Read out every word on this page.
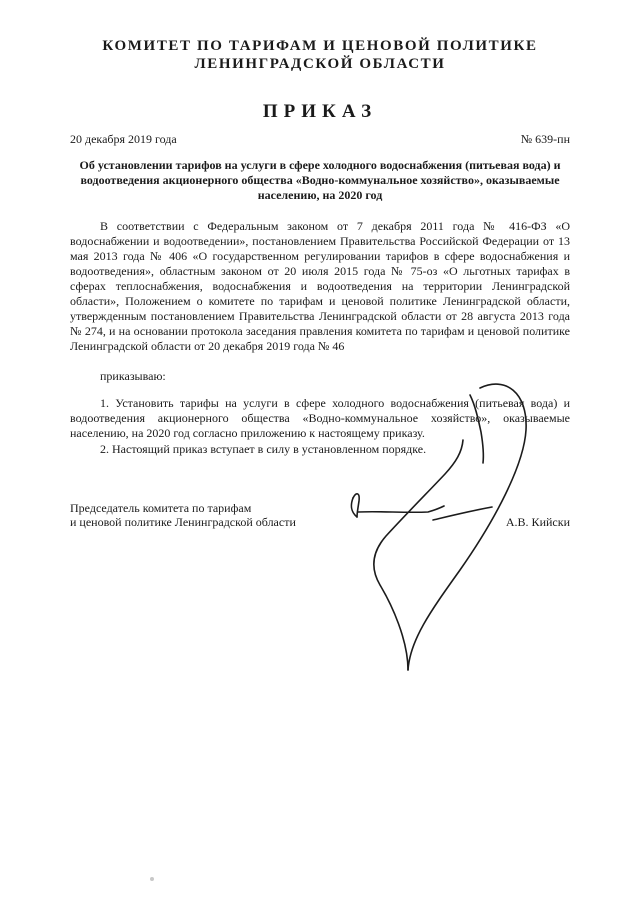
КОМИТЕТ ПО ТАРИФАМ И ЦЕНОВОЙ ПОЛИТИКЕ
ЛЕНИНГРАДСКОЙ ОБЛАСТИ
ПРИКАЗ
20 декабря 2019 года	№ 639-пн
Об установлении тарифов на услуги в сфере холодного водоснабжения (питьевая вода) и водоотведения акционерного общества «Водно-коммунальное хозяйство», оказываемые населению, на 2020 год
В соответствии с Федеральным законом от 7 декабря 2011 года № 416-ФЗ «О водоснабжении и водоотведении», постановлением Правительства Российской Федерации от 13 мая 2013 года № 406 «О государственном регулировании тарифов в сфере водоснабжения и водоотведения», областным законом от 20 июля 2015 года № 75-оз «О льготных тарифах в сферах теплоснабжения, водоснабжения и водоотведения на территории Ленинградской области», Положением о комитете по тарифам и ценовой политике Ленинградской области, утвержденным постановлением Правительства Ленинградской области от 28 августа 2013 года № 274, и на основании протокола заседания правления комитета по тарифам и ценовой политике Ленинградской области от 20 декабря 2019 года № 46
приказываю:
1. Установить тарифы на услуги в сфере холодного водоснабжения (питьевая вода) и водоотведения акционерного общества «Водно-коммунальное хозяйство», оказываемые населению, на 2020 год согласно приложению к настоящему приказу.
2. Настоящий приказ вступает в силу в установленном порядке.
Председатель комитета по тарифам
и ценовой политике Ленинградской области	А.В. Кийски
